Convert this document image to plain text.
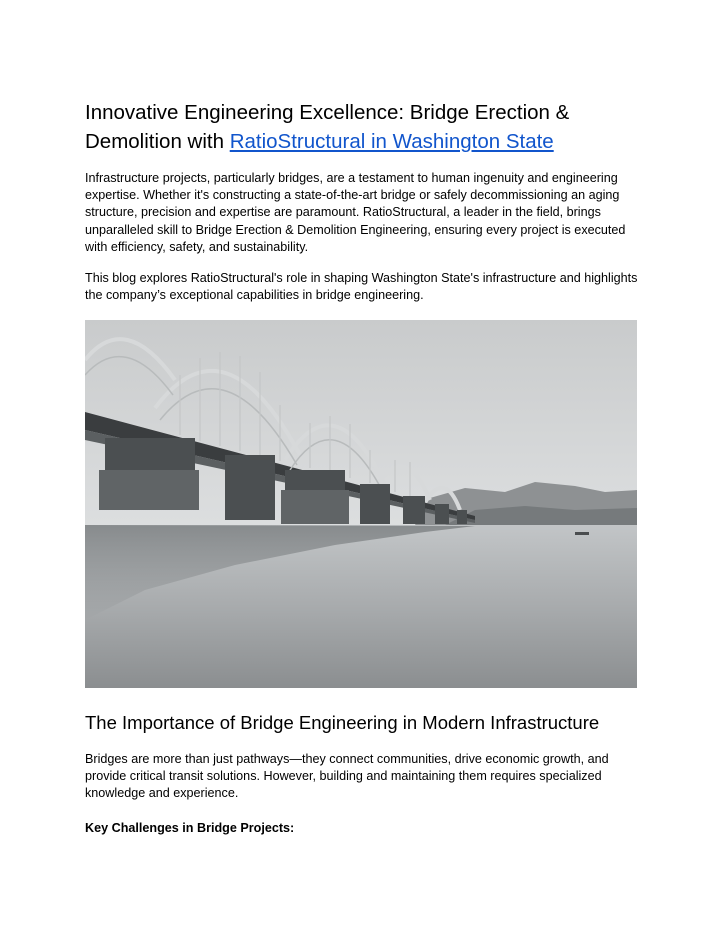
Innovative Engineering Excellence: Bridge Erection & Demolition with RatioStructural in Washington State

Infrastructure projects, particularly bridges, are a testament to human ingenuity and engineering expertise. Whether it's constructing a state-of-the-art bridge or safely decommissioning an aging structure, precision and expertise are paramount. RatioStructural, a leader in the field, brings unparalleled skill to Bridge Erection & Demolition Engineering, ensuring every project is executed with efficiency, safety, and sustainability.

This blog explores RatioStructural's role in shaping Washington State's infrastructure and highlights the company’s exceptional capabilities in bridge engineering.

The Importance of Bridge Engineering in Modern Infrastructure

Bridges are more than just pathways—they connect communities, drive economic growth, and provide critical transit solutions. However, building and maintaining them requires specialized knowledge and experience.

Key Challenges in Bridge Projects:
